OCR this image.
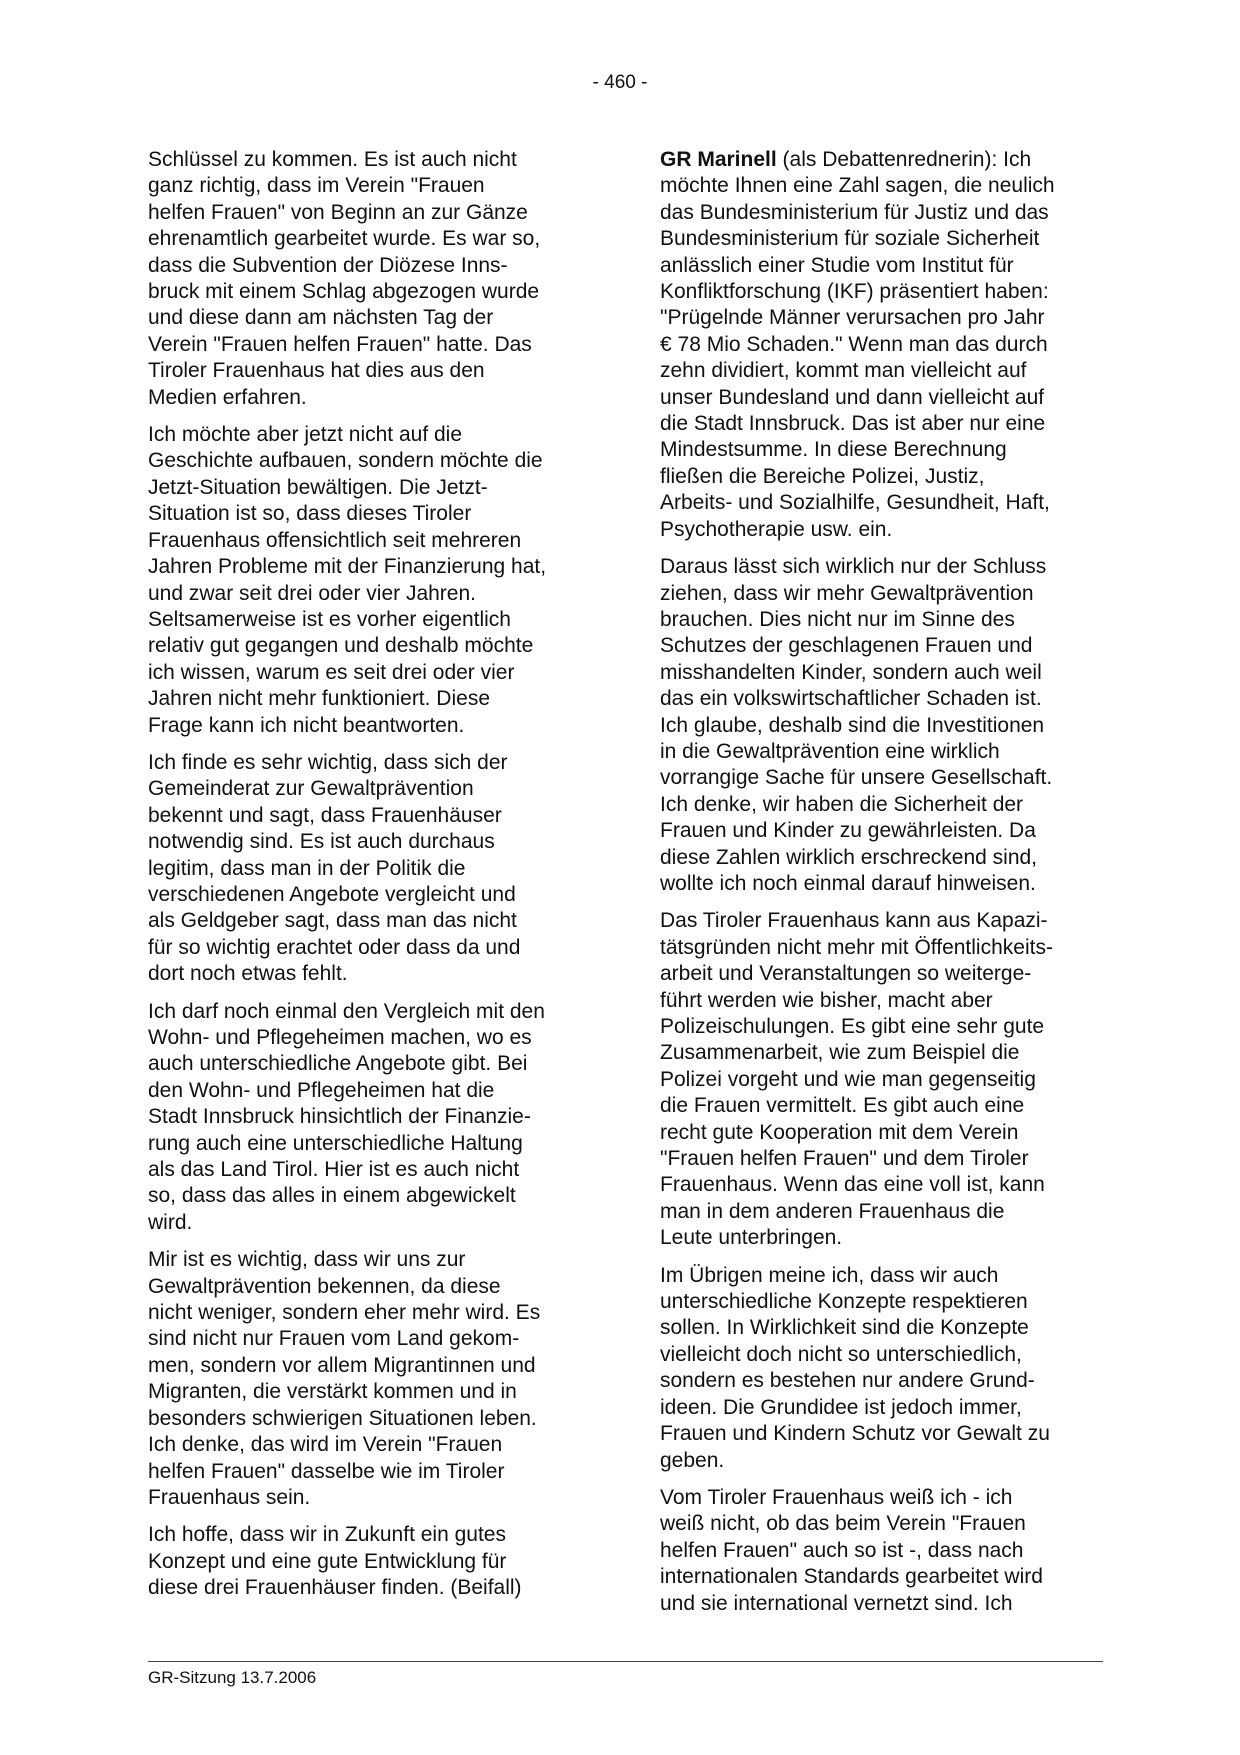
- 460 -

Schlüssel zu kommen. Es ist auch nicht
ganz richtig, dass im Verein "Frauen
helfen Frauen" von Beginn an zur Gänze
ehrenamtlich gearbeitet wurde. Es war so,
dass die Subvention der Diözese Inns-
bruck mit einem Schlag abgezogen wurde
und diese dann am nächsten Tag der
Verein "Frauen helfen Frauen" hatte. Das
Tiroler Frauenhaus hat dies aus den
Medien erfahren.

Ich möchte aber jetzt nicht auf die
Geschichte aufbauen, sondern möchte die
Jetzt-Situation bewältigen. Die Jetzt-
Situation ist so, dass dieses Tiroler
Frauenhaus offensichtlich seit mehreren
Jahren Probleme mit der Finanzierung hat,
und zwar seit drei oder vier Jahren.
Seltsamerweise ist es vorher eigentlich
relativ gut gegangen und deshalb möchte
ich wissen, warum es seit drei oder vier
Jahren nicht mehr funktioniert. Diese
Frage kann ich nicht beantworten.

Ich finde es sehr wichtig, dass sich der
Gemeinderat zur Gewaltprävention
bekennt und sagt, dass Frauenhäuser
notwendig sind. Es ist auch durchaus
legitim, dass man in der Politik die
verschiedenen Angebote vergleicht und
als Geldgeber sagt, dass man das nicht
für so wichtig erachtet oder dass da und
dort noch etwas fehlt.

Ich darf noch einmal den Vergleich mit den
Wohn- und Pflegeheimen machen, wo es
auch unterschiedliche Angebote gibt. Bei
den Wohn- und Pflegeheimen hat die
Stadt Innsbruck hinsichtlich der Finanzie-
rung auch eine unterschiedliche Haltung
als das Land Tirol. Hier ist es auch nicht
so, dass das alles in einem abgewickelt
wird.

Mir ist es wichtig, dass wir uns zur
Gewaltprävention bekennen, da diese
nicht weniger, sondern eher mehr wird. Es
sind nicht nur Frauen vom Land gekom-
men, sondern vor allem Migrantinnen und
Migranten, die verstärkt kommen und in
besonders schwierigen Situationen leben.
Ich denke, das wird im Verein "Frauen
helfen Frauen" dasselbe wie im Tiroler
Frauenhaus sein.

Ich hoffe, dass wir in Zukunft ein gutes
Konzept und eine gute Entwicklung für
diese drei Frauenhäuser finden. (Beifall)

GR Marinell (als Debattenrednerin): Ich
möchte Ihnen eine Zahl sagen, die neulich
das Bundesministerium für Justiz und das
Bundesministerium für soziale Sicherheit
anlässlich einer Studie vom Institut für
Konfliktforschung (IKF) präsentiert haben:
"Prügelnde Männer verursachen pro Jahr
€ 78 Mio Schaden." Wenn man das durch
zehn dividiert, kommt man vielleicht auf
unser Bundesland und dann vielleicht auf
die Stadt Innsbruck. Das ist aber nur eine
Mindestsumme. In diese Berechnung
fließen die Bereiche Polizei, Justiz,
Arbeits- und Sozialhilfe, Gesundheit, Haft,
Psychotherapie usw. ein.

Daraus lässt sich wirklich nur der Schluss
ziehen, dass wir mehr Gewaltprävention
brauchen. Dies nicht nur im Sinne des
Schutzes der geschlagenen Frauen und
misshandelten Kinder, sondern auch weil
das ein volkswirtschaftlicher Schaden ist.
Ich glaube, deshalb sind die Investitionen
in die Gewaltprävention eine wirklich
vorrangige Sache für unsere Gesellschaft.
Ich denke, wir haben die Sicherheit der
Frauen und Kinder zu gewährleisten. Da
diese Zahlen wirklich erschreckend sind,
wollte ich noch einmal darauf hinweisen.

Das Tiroler Frauenhaus kann aus Kapazi-
tätsgründen nicht mehr mit Öffentlichkeits-
arbeit und Veranstaltungen so weiterge-
führt werden wie bisher, macht aber
Polizeischulungen. Es gibt eine sehr gute
Zusammenarbeit, wie zum Beispiel die
Polizei vorgeht und wie man gegenseitig
die Frauen vermittelt. Es gibt auch eine
recht gute Kooperation mit dem Verein
"Frauen helfen Frauen" und dem Tiroler
Frauenhaus. Wenn das eine voll ist, kann
man in dem anderen Frauenhaus die
Leute unterbringen.

Im Übrigen meine ich, dass wir auch
unterschiedliche Konzepte respektieren
sollen. In Wirklichkeit sind die Konzepte
vielleicht doch nicht so unterschiedlich,
sondern es bestehen nur andere Grund-
ideen. Die Grundidee ist jedoch immer,
Frauen und Kindern Schutz vor Gewalt zu
geben.

Vom Tiroler Frauenhaus weiß ich - ich
weiß nicht, ob das beim Verein "Frauen
helfen Frauen" auch so ist -, dass nach
internationalen Standards gearbeitet wird
und sie international vernetzt sind. Ich

GR-Sitzung 13.7.2006
